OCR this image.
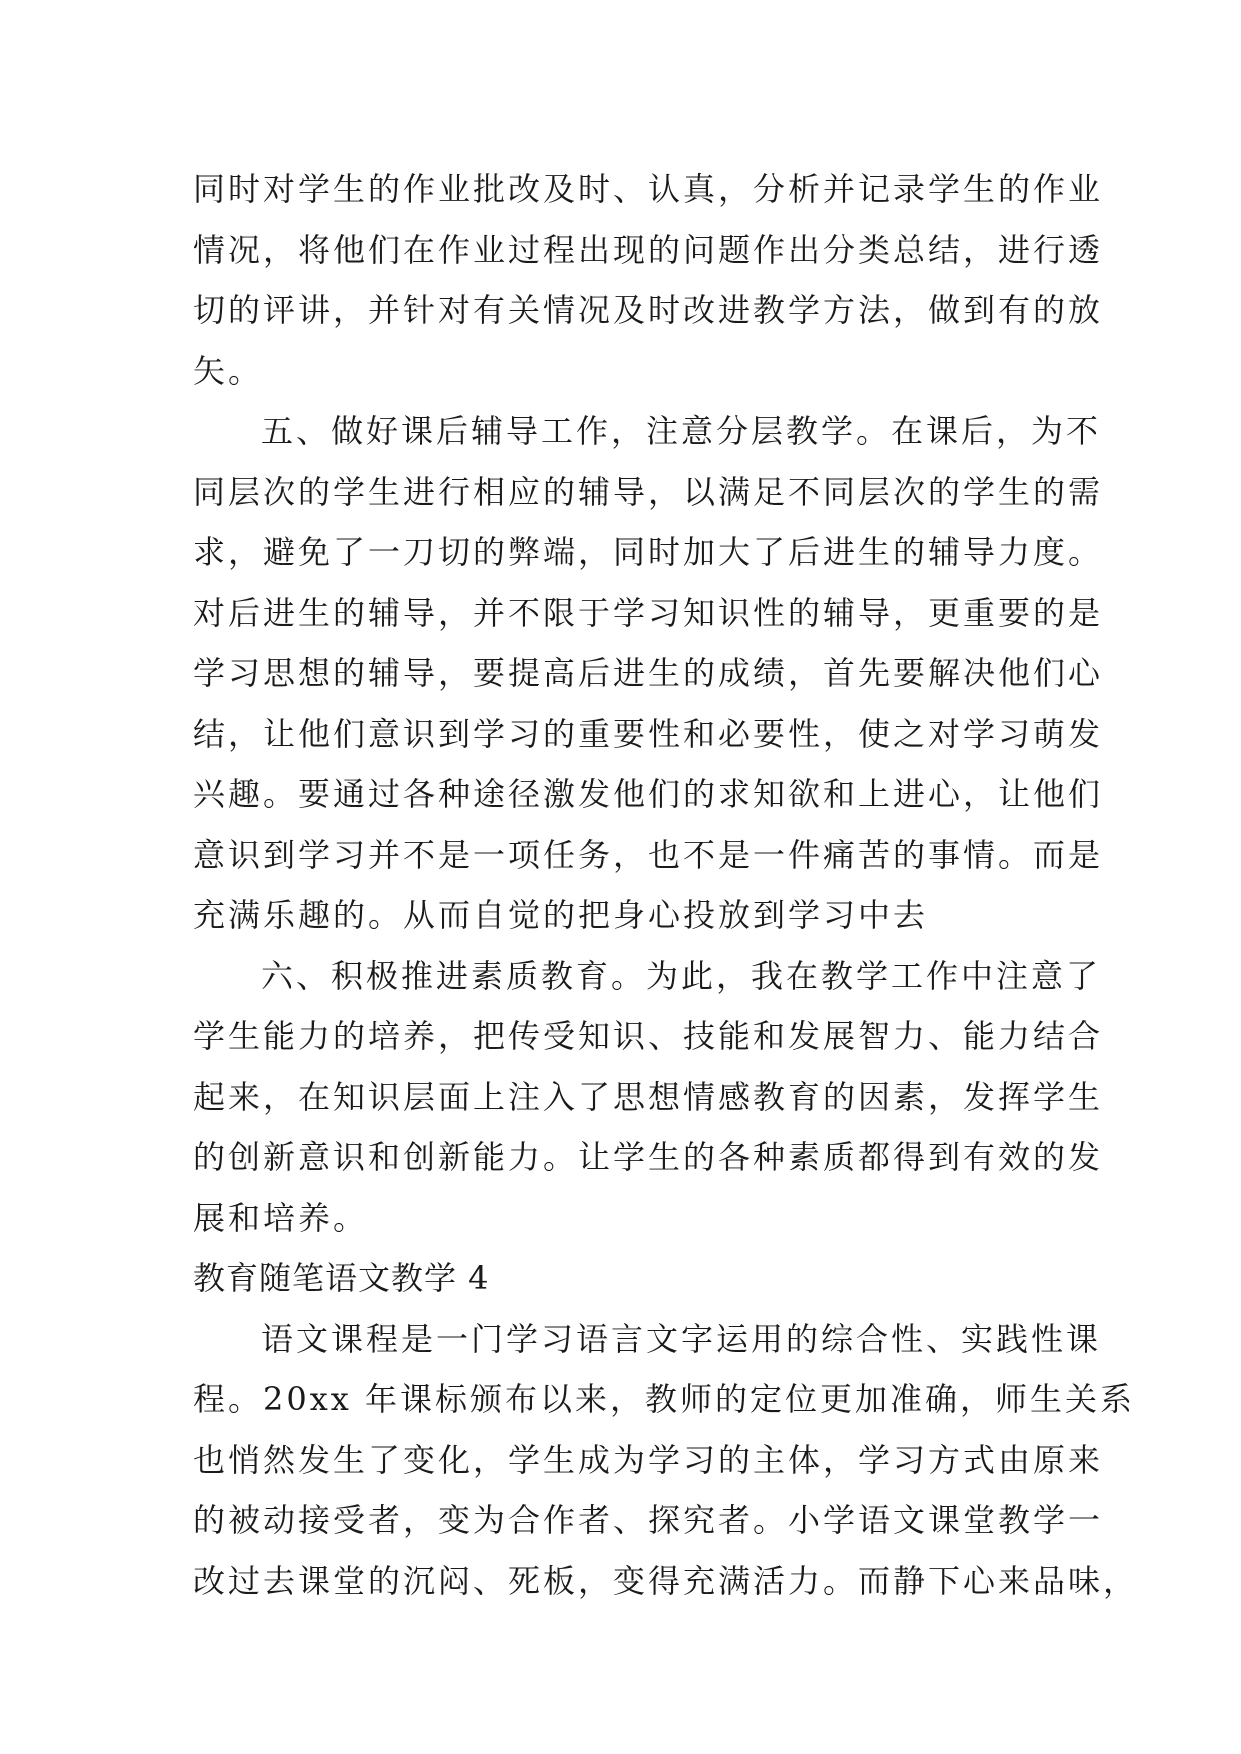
同时对学生的作业批改及时、认真，分析并记录学生的作业
情况，将他们在作业过程出现的问题作出分类总结，进行透
切的评讲，并针对有关情况及时改进教学方法，做到有的放
矢。
五、做好课后辅导工作，注意分层教学。在课后，为不
同层次的学生进行相应的辅导，以满足不同层次的学生的需
求，避免了一刀切的弊端，同时加大了后进生的辅导力度。
对后进生的辅导，并不限于学习知识性的辅导，更重要的是
学习思想的辅导，要提高后进生的成绩，首先要解决他们心
结，让他们意识到学习的重要性和必要性，使之对学习萌发
兴趣。要通过各种途径激发他们的求知欲和上进心，让他们
意识到学习并不是一项任务，也不是一件痛苦的事情。而是
充满乐趣的。从而自觉的把身心投放到学习中去
六、积极推进素质教育。为此，我在教学工作中注意了
学生能力的培养，把传受知识、技能和发展智力、能力结合
起来，在知识层面上注入了思想情感教育的因素，发挥学生
的创新意识和创新能力。让学生的各种素质都得到有效的发
展和培养。
教育随笔语文教学 4
语文课程是一门学习语言文字运用的综合性、实践性课
程。20xx 年课标颁布以来，教师的定位更加准确，师生关系
也悄然发生了变化，学生成为学习的主体，学习方式由原来
的被动接受者，变为合作者、探究者。小学语文课堂教学一
改过去课堂的沉闷、死板，变得充满活力。而静下心来品味，
